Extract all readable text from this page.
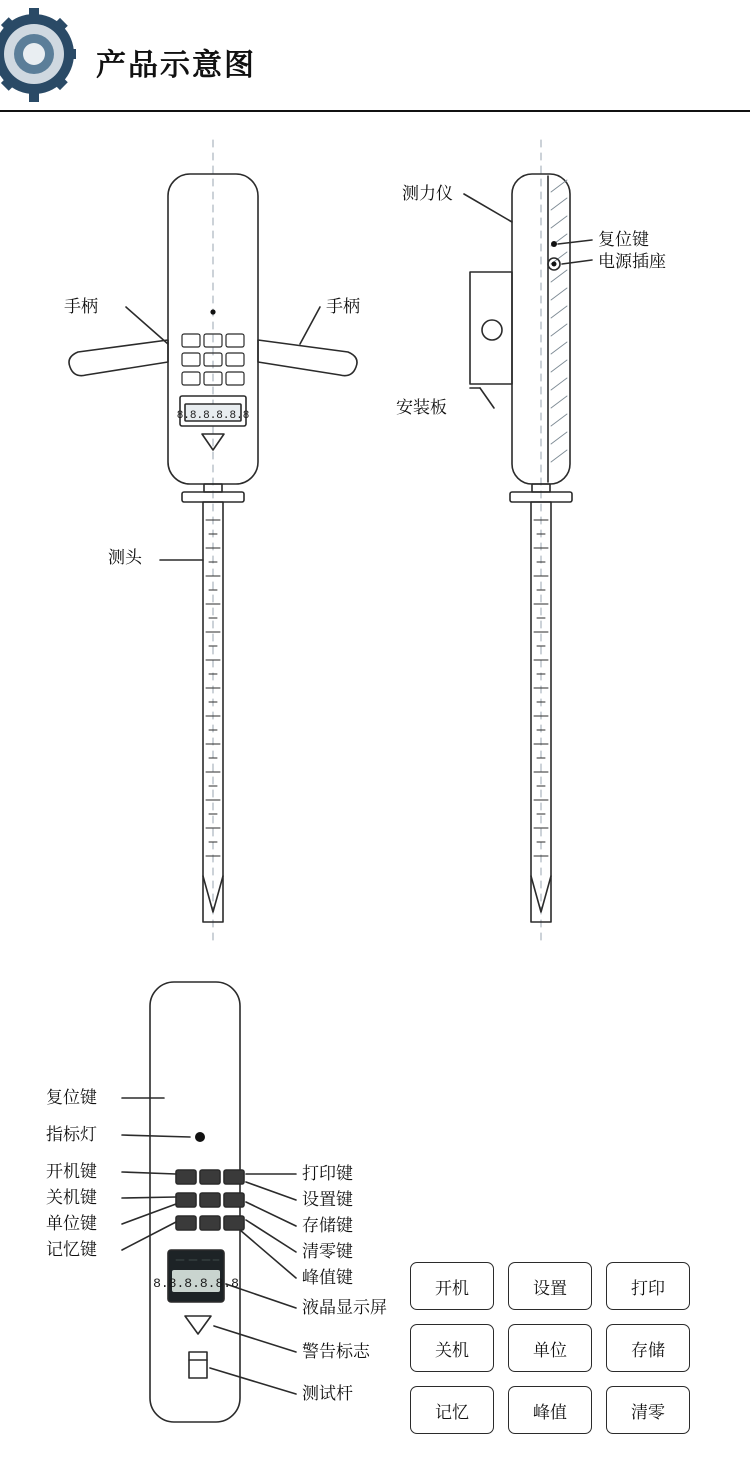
产品示意图
8.8.8.8.8.8
8.8.8.8.8.8
手柄	手柄
测头
测力仪
复位键
电源插座
安装板
复位键
指标灯
开机键
关机键
单位键
记忆键
打印键
设置键
存储键
清零键
峰值键
液晶显示屏
警告标志
测试杆
开机	设置	打印
关机	单位	存储
记忆	峰值	清零
